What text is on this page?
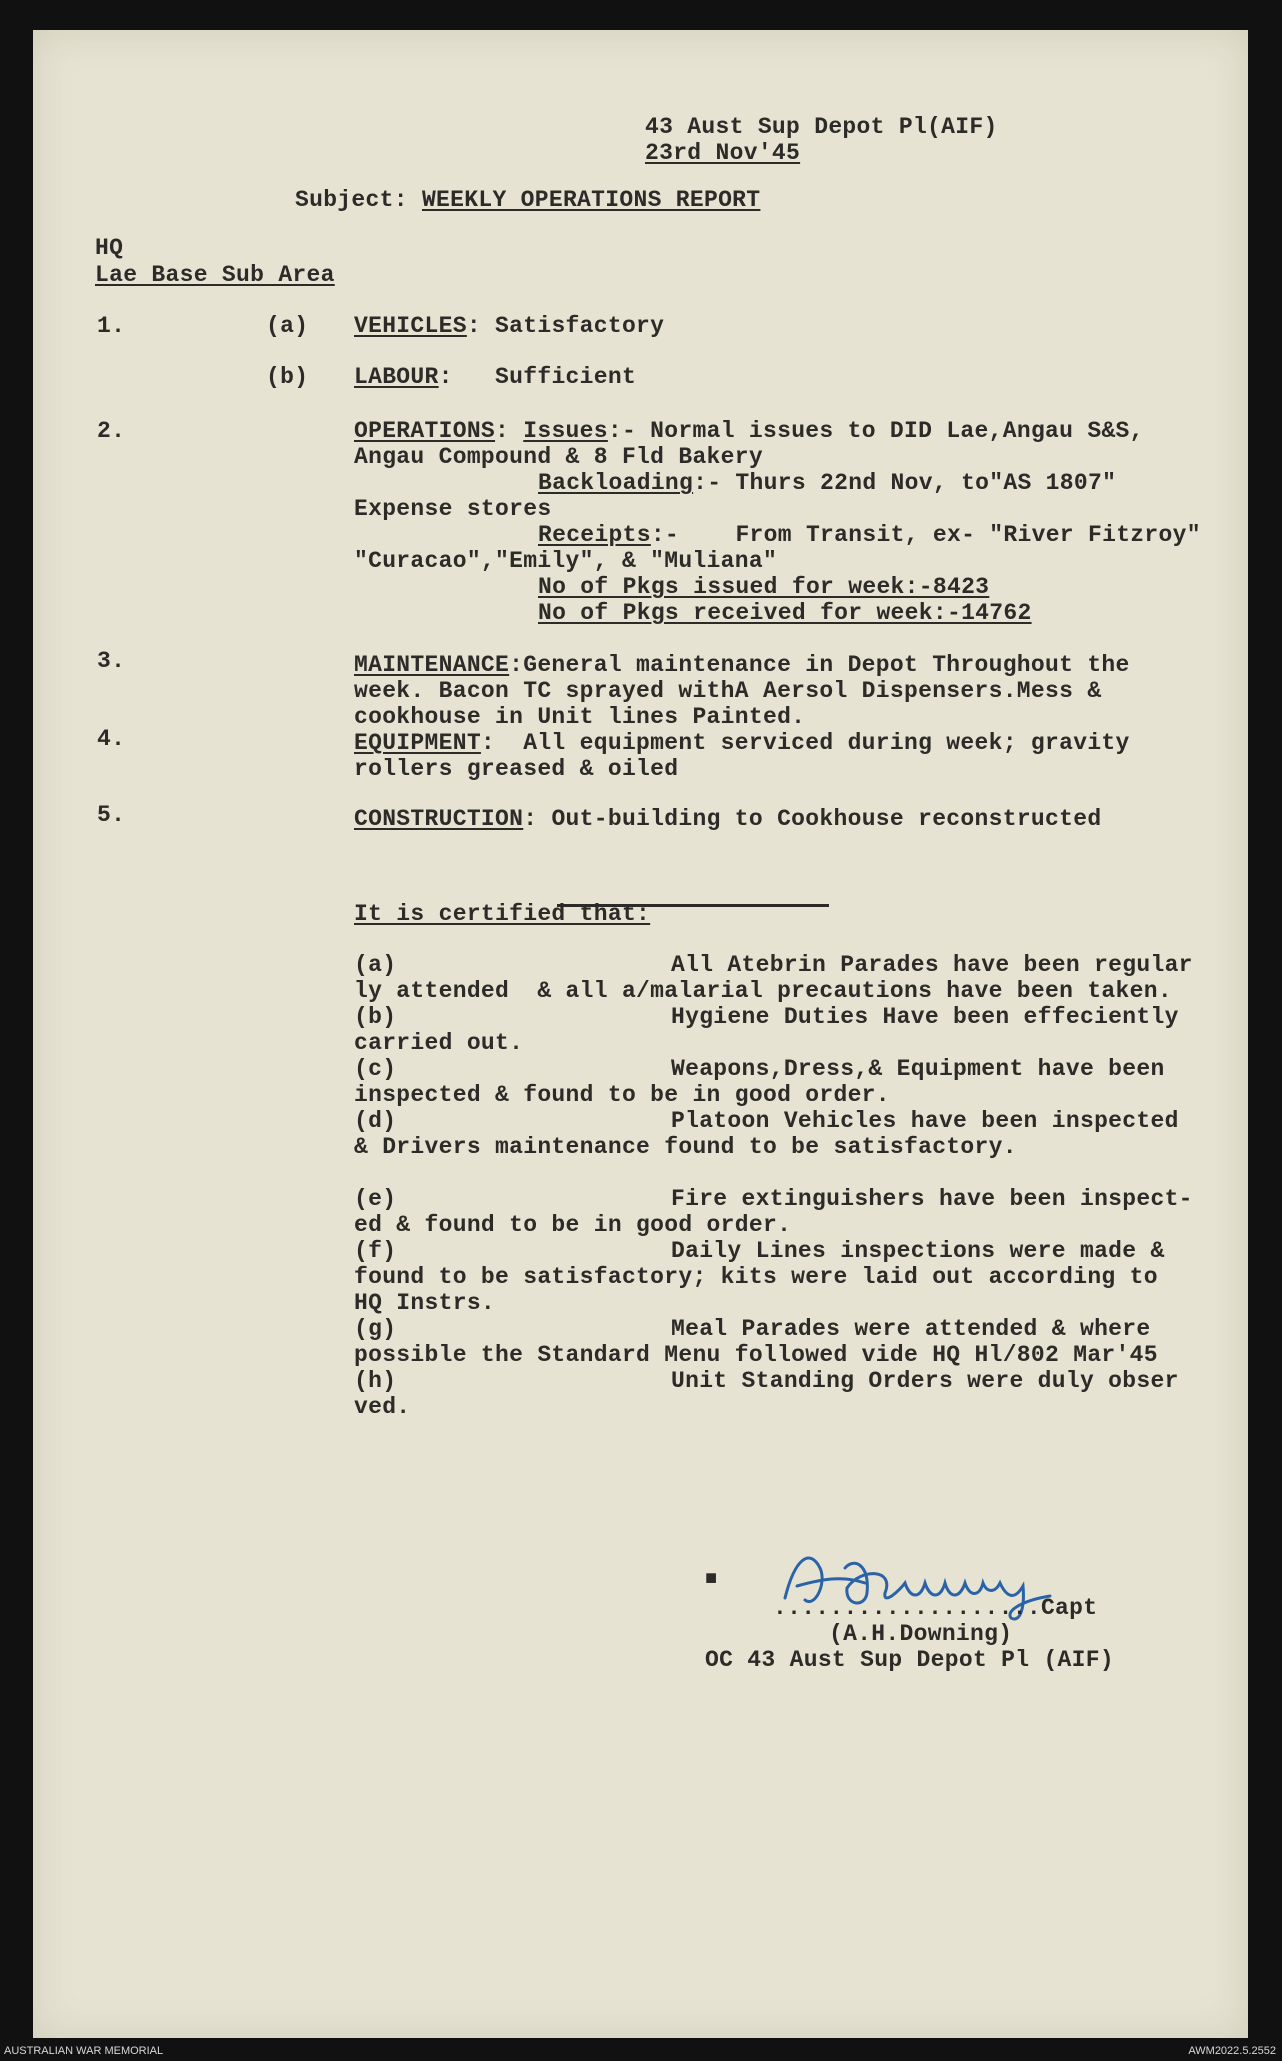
43 Aust Sup Depot Pl(AIF)
23rd Nov'45
Subject: WEEKLY OPERATIONS REPORT
HQ
Lae Base Sub Area
1.	(a) VEHICLES: Satisfactory
(b) LABOUR:   Sufficient
2.	OPERATIONS: Issues:- Normal issues to DID Lae,Angau S&S,
Angau Compound & 8 Fld Bakery
Backloading:- Thurs 22nd Nov, to"AS 1807"
Expense stores
Receipts:-    From Transit, ex- "River Fitzroy"
"Curacao","Emily", & "Muliana"
No of Pkgs issued for week:-8423
No of Pkgs received for week:-14762
3.	MAINTENANCE:General maintenance in Depot Throughout the
week. Bacon TC sprayed withA Aersol Dispensers.Mess &
cookhouse in Unit lines Painted.
4.	EQUIPMENT:  All equipment serviced during week; gravity
rollers greased & oiled
5.	CONSTRUCTION: Out-building to Cookhouse reconstructed
It is certified that:
(a)	All Atebrin Parades have been regular
ly attended  & all a/malarial precautions have been taken.
(b)	Hygiene Duties Have been effeciently
carried out.
(c)	Weapons,Dress,& Equipment have been
inspected & found to be in good order.
(d)	Platoon Vehicles have been inspected
& Drivers maintenance found to be satisfactory.
(e)	Fire extinguishers have been inspect-
ed & found to be in good order.
(f)	Daily Lines inspections were made &
found to be satisfactory; kits were laid out according to
HQ Instrs.
(g)	Meal Parades were attended & where
possible the Standard Menu followed vide HQ Hl/802 Mar'45
(h)	Unit Standing Orders were duly obser
ved.
■
...................Capt
(A.H.Downing)
OC 43 Aust Sup Depot Pl (AIF)
AUSTRALIAN WAR MEMORIAL	AWM2022.5.2552
